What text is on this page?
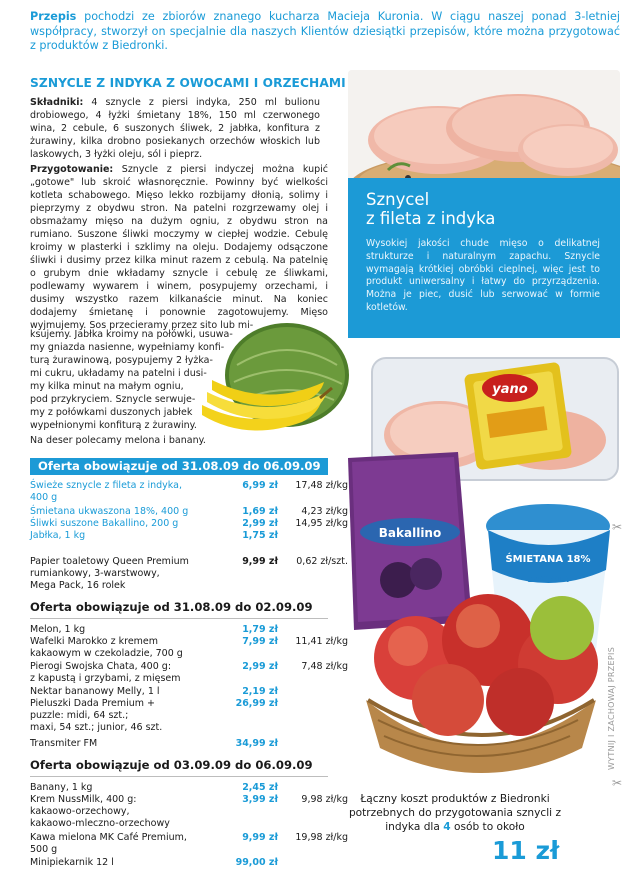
Przepis pochodzi ze zbiorów znanego kucharza Macieja Kuronia. W ciągu naszej ponad 3-letniej współpracy, stworzył on specjalnie dla naszych Klientów dziesiątki przepisów, które można przygotować z produktów z Biedronki.
SZNYCLE Z INDYKA Z OWOCAMI I ORZECHAMI
Składniki: 4 sznycle z piersi indyka, 250 ml bulionu drobiowego, 4 łyżki śmietany 18%, 150 ml czerwonego wina, 2 cebule, 6 suszonych śliwek, 2 jabłka, konfitura z żurawiny, kilka drobno posiekanych orzechów włoskich lub laskowych, 3 łyżki oleju, sól i pieprz.
Przygotowanie: Sznycle z piersi indyczej można kupić „gotowe" lub skroić własnoręcznie. Powinny być wielkości kotleta schabowego. Mięso lekko rozbijamy dłonią, solimy i pieprzymy z obydwu stron. Na patelni rozgrzewamy olej i obsmażamy mięso na dużym ogniu, z obydwu stron na rumiano. Suszone śliwki moczymy w ciepłej wodzie. Cebulę kroimy w plasterki i szklimy na oleju. Dodajemy odsączone śliwki i dusimy przez kilka minut razem z cebulą. Na patelnię o grubym dnie wkładamy sznycle i cebulę ze śliwkami, podlewamy wywarem i winem, posypujemy orzechami, i dusimy wszystko razem kilkanaście minut. Na koniec dodajemy śmietanę i ponownie zagotowujemy. Mięso wyjmujemy. Sos przecieramy przez sito lub mi-
ksujemy. Jabłka kroimy na połówki, usuwa-
my gniazda nasienne, wypełniamy konfi-
turą żurawinową, posypujemy 2 łyżka-
mi cukru, układamy na patelni i dusi-
my kilka minut na małym ogniu,
pod przykryciem. Sznycle serwuje-
my z połówkami duszonych jabłek
wypełnionymi konfiturą z żurawiny.
Na deser polecamy melona i banany.
Sznycel
z fileta z indyka
Wysokiej jakości chude mięso o delikatnej strukturze i naturalnym zapachu. Sznycle wymagają krótkiej obróbki cieplnej, więc jest to produkt uniwersalny i łatwy do przyrządzenia. Można je piec, dusić lub serwować w formie kotletów.
yano
Bakallino
ŚMIETANA 18%
ŁACIATA
Oferta obowiązuje od 31.08.09 do 06.09.09
Świeże sznycle z fileta z indyka,
400 g
6,99 zł	17,48 zł/kg
Śmietana ukwaszona 18%, 400 g	1,69 zł	4,23 zł/kg
Śliwki suszone Bakallino, 200 g	2,99 zł	14,95 zł/kg
Jabłka, 1 kg	1,75 zł
Papier toaletowy Queen Premium
rumiankowy, 3-warstwowy,
Mega Pack, 16 rolek
9,99 zł	0,62 zł/szt.
Oferta obowiązuje od 31.08.09 do 02.09.09
Melon, 1 kg	1,79 zł
Wafelki Marokko z kremem
kakaowym w czekoladzie, 700 g
7,99 zł	11,41 zł/kg
Pierogi Swojska Chata, 400 g:
z kapustą i grzybami, z mięsem
2,99 zł	7,48 zł/kg
Nektar bananowy Melly, 1 l	2,19 zł
Pieluszki Dada Premium +
puzzle: midi, 64 szt.;
maxi, 54 szt.; junior, 46 szt.
26,99 zł
Transmiter FM	34,99 zł
Oferta obowiązuje od 03.09.09 do 06.09.09
Banany, 1 kg	2,45 zł
Krem NussMilk, 400 g:
kakaowo-orzechowy,
kakaowo-mleczno-orzechowy
3,99 zł	9,98 zł/kg
Kawa mielona MK Café Premium,
500 g
9,99 zł	19,98 zł/kg
Minipiekarnik 12 l	99,00 zł
✂
✂
WYTNIJ I ZACHOWAJ PRZEPIS
Łączny koszt produktów z Biedronki potrzebnych do przygotowania sznycli z indyka dla 4 osób to około
11 zł
